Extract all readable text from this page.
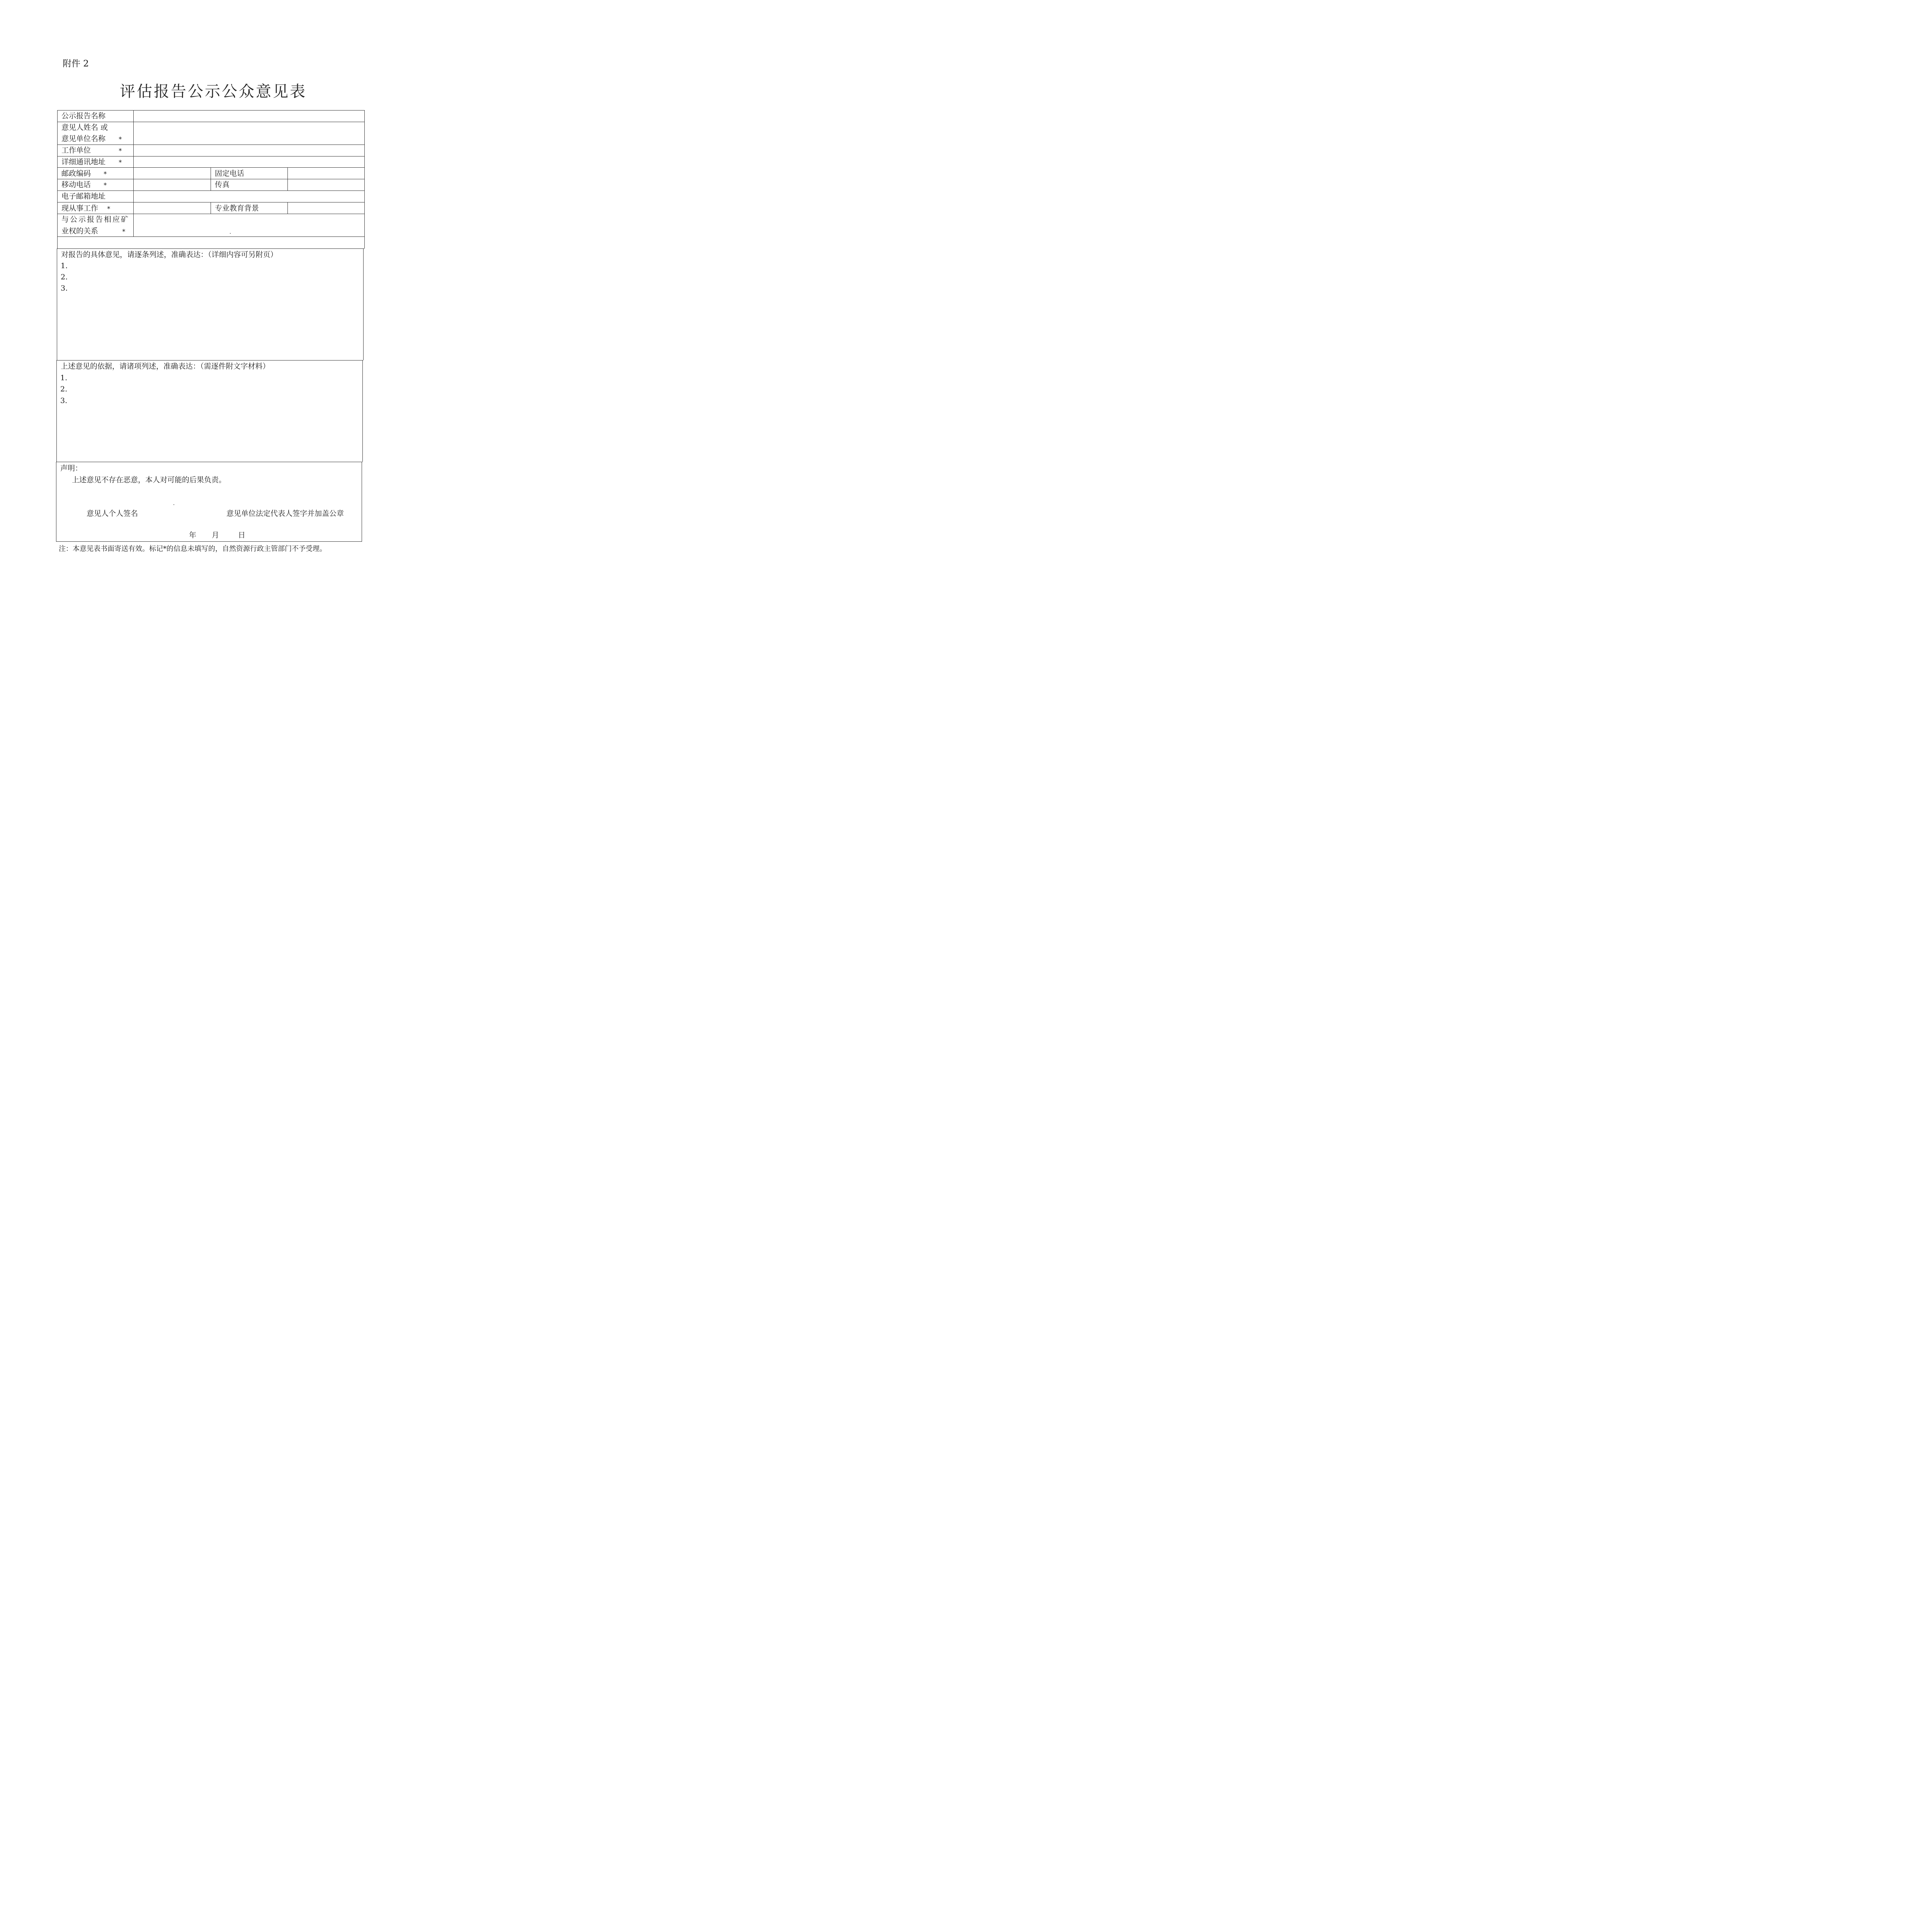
附件 2
评估报告公示公众意见表
公示报告名称
意见人姓名 或
意见单位名称 *
工作单位	*
详细通讯地址 *
邮政编码 *	固定电话
移动电话 *	传真
电子邮箱地址
现从事工作 *	专业教育背景
与公示报告相应矿
业权的关系	*
对报告的具体意见，请逐条列述，准确表达：（详细内容可另附页）
1.
2.
3.
上述意见的依据，请诸项列述，准确表达：（需逐件附文字材料）
1.
2.
3.
声明：
上述意见不存在恶意，本人对可能的后果负责。
意见人个人签名	意见单位法定代表人签字并加盖公章
年 月	日
注：本意见表书面寄送有效。标记*的信息未填写的，自然资源行政主管部门不予受理。
